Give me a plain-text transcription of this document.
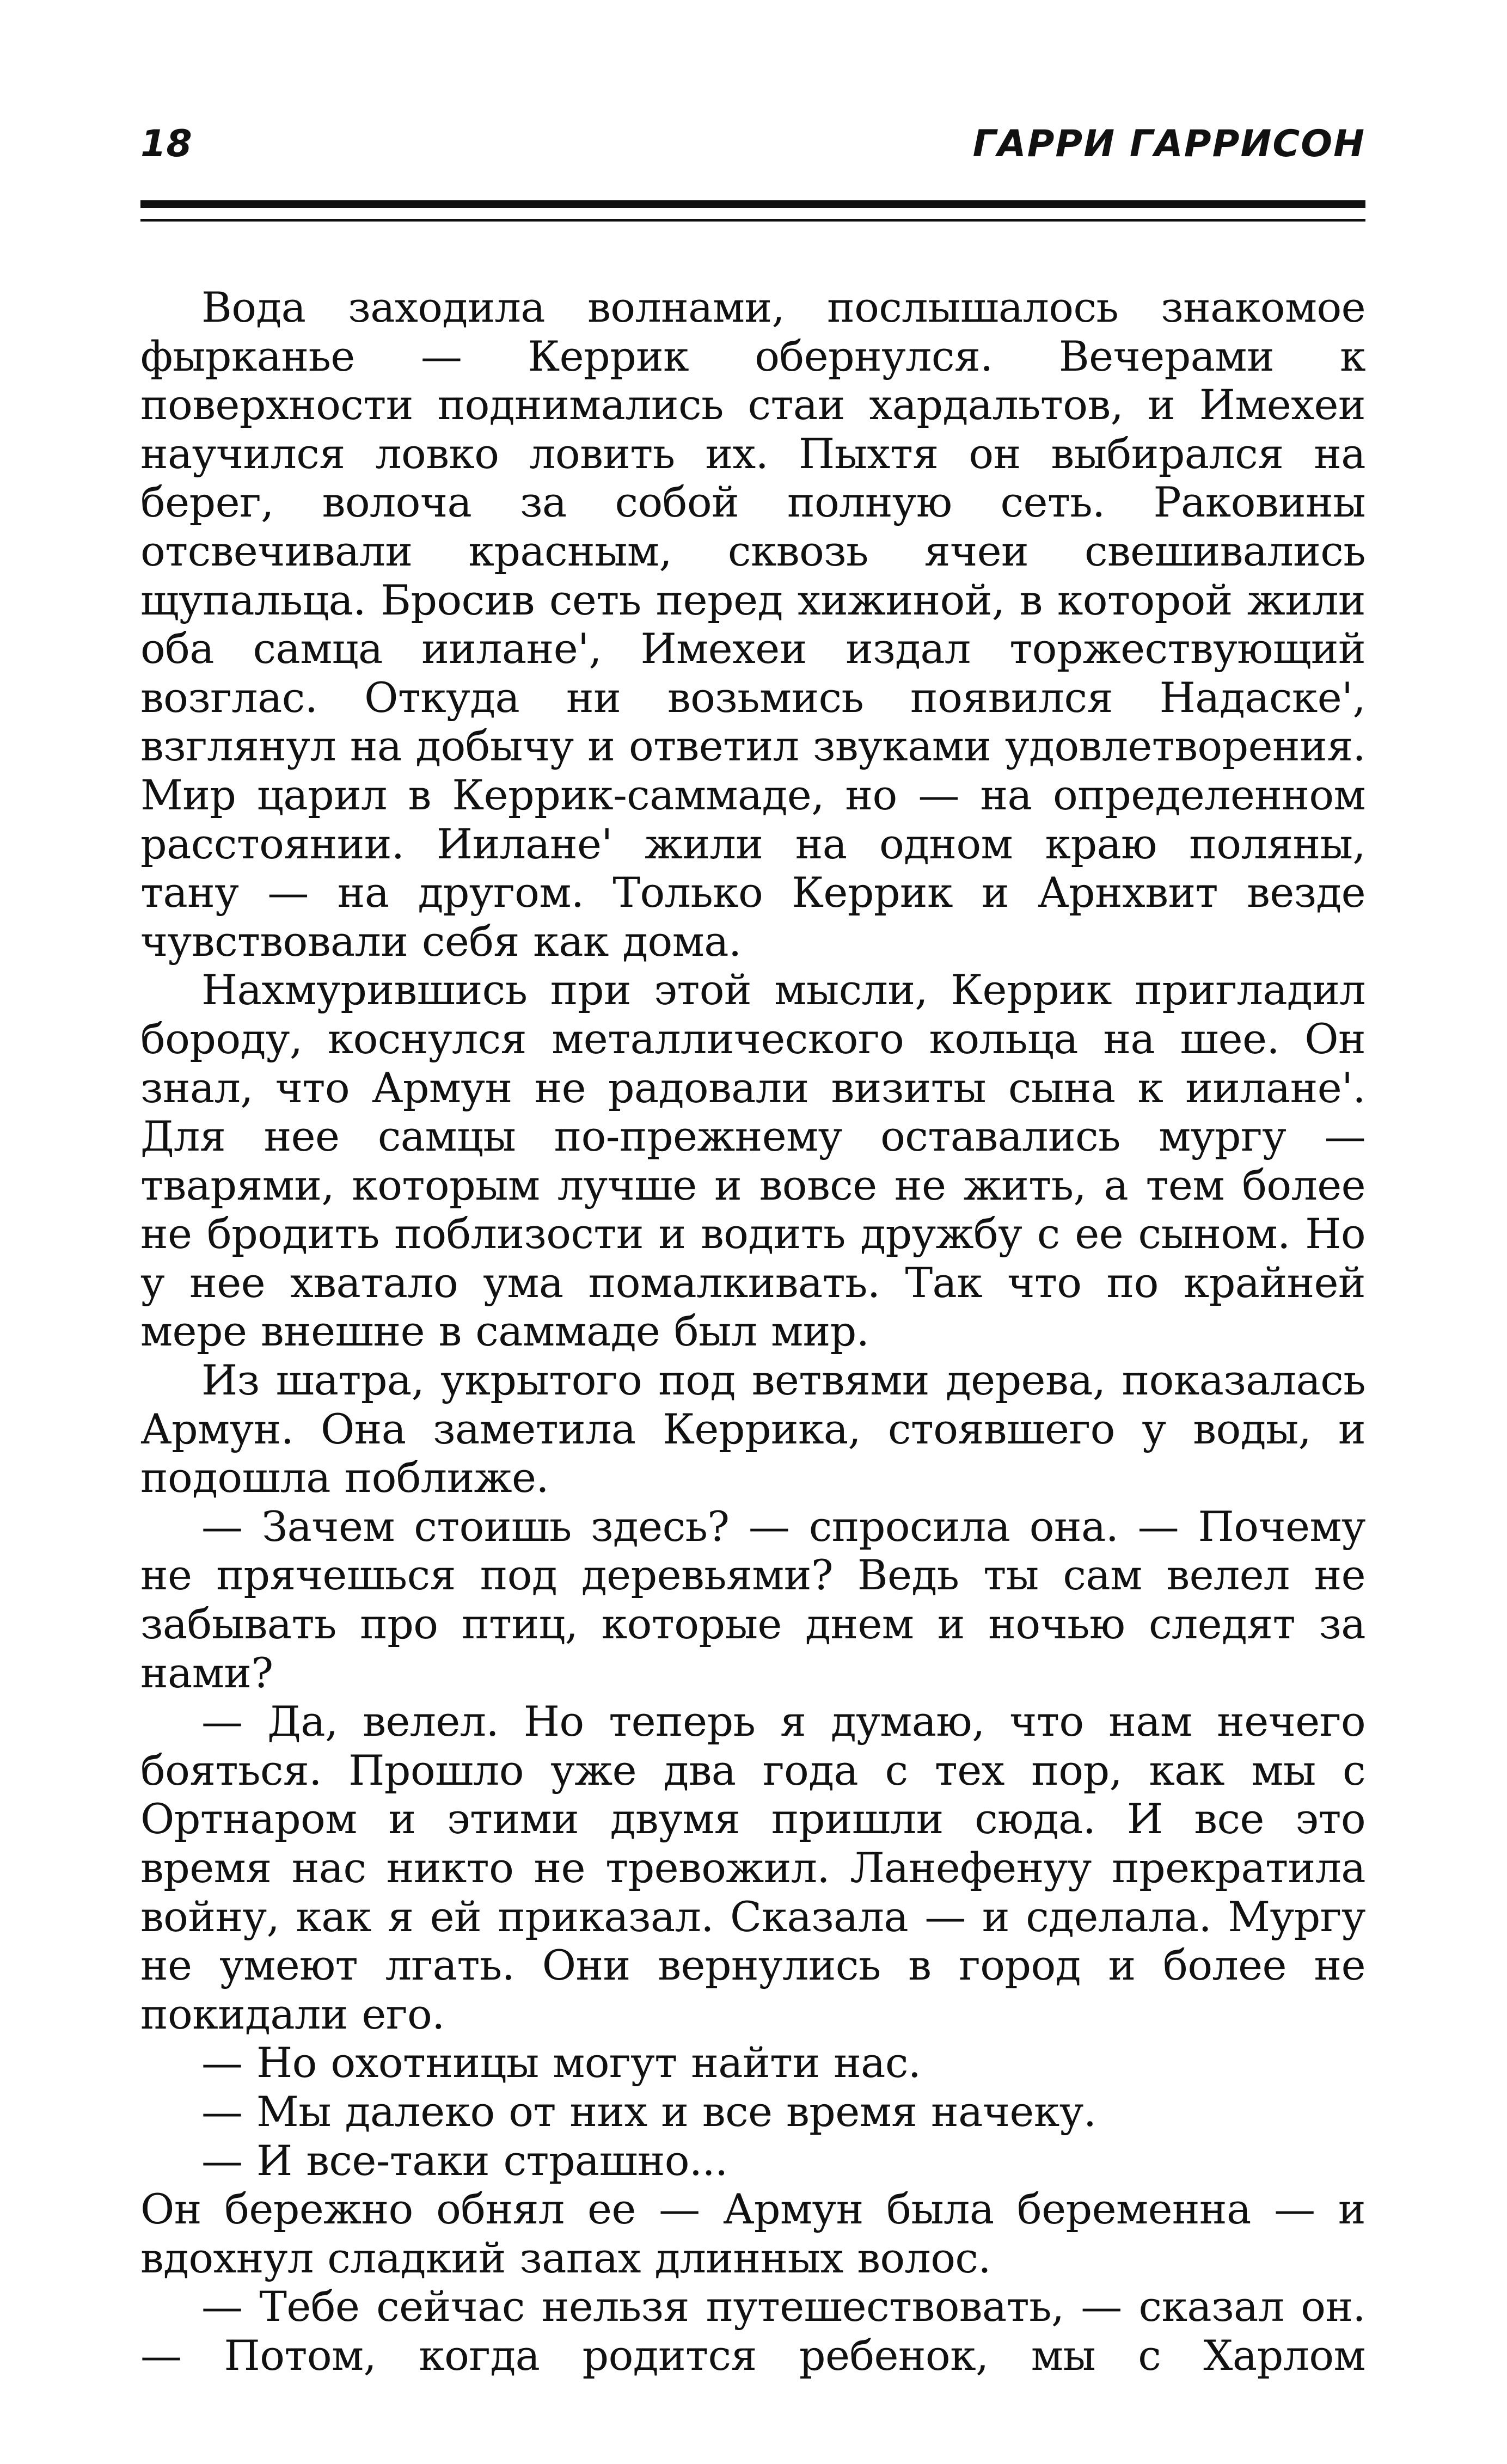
18	ГАРРИ ГАРРИСОН

Вода заходила волнами, послышалось знакомое фырканье — Керрик обернулся. Вечерами к поверхности поднимались стаи хардальтов, и Имехеи научился ловко ловить их. Пыхтя он выбирался на берег, волоча за собой полную сеть. Раковины отсвечивали красным, сквозь ячеи свешивались щупальца. Бросив сеть перед хижиной, в которой жили оба самца иилане', Имехеи издал торжествующий возглас. Откуда ни возьмись появился Надаске', взглянул на добычу и ответил звуками удовлетворения. Мир царил в Керрик-саммаде, но — на определенном расстоянии. Иилане' жили на одном краю поляны, тану — на другом. Только Керрик и Арнхвит везде чувствовали себя как дома.

Нахмурившись при этой мысли, Керрик пригладил бороду, коснулся металлического кольца на шее. Он знал, что Армун не радовали визиты сына к иилане'. Для нее самцы по-прежнему оставались мургу — тварями, которым лучше и вовсе не жить, а тем более не бродить поблизости и водить дружбу с ее сыном. Но у нее хватало ума помалкивать. Так что по крайней мере внешне в саммаде был мир.

Из шатра, укрытого под ветвями дерева, показалась Армун. Она заметила Керрика, стоявшего у воды, и подошла поближе.

— Зачем стоишь здесь? — спросила она. — Почему не прячешься под деревьями? Ведь ты сам велел не забывать про птиц, которые днем и ночью следят за нами?

— Да, велел. Но теперь я думаю, что нам нечего бояться. Прошло уже два года с тех пор, как мы с Ортнаром и этими двумя пришли сюда. И все это время нас никто не тревожил. Ланефенуу прекратила войну, как я ей приказал. Сказала — и сделала. Мургу не умеют лгать. Они вернулись в город и более не покидали его.

— Но охотницы могут найти нас.

— Мы далеко от них и все время начеку.

— И все-таки страшно...

Он бережно обнял ее — Армун была беременна — и вдохнул сладкий запах длинных волос.

— Тебе сейчас нельзя путешествовать, — сказал он. — Потом, когда родится ребенок, мы с Харлом
